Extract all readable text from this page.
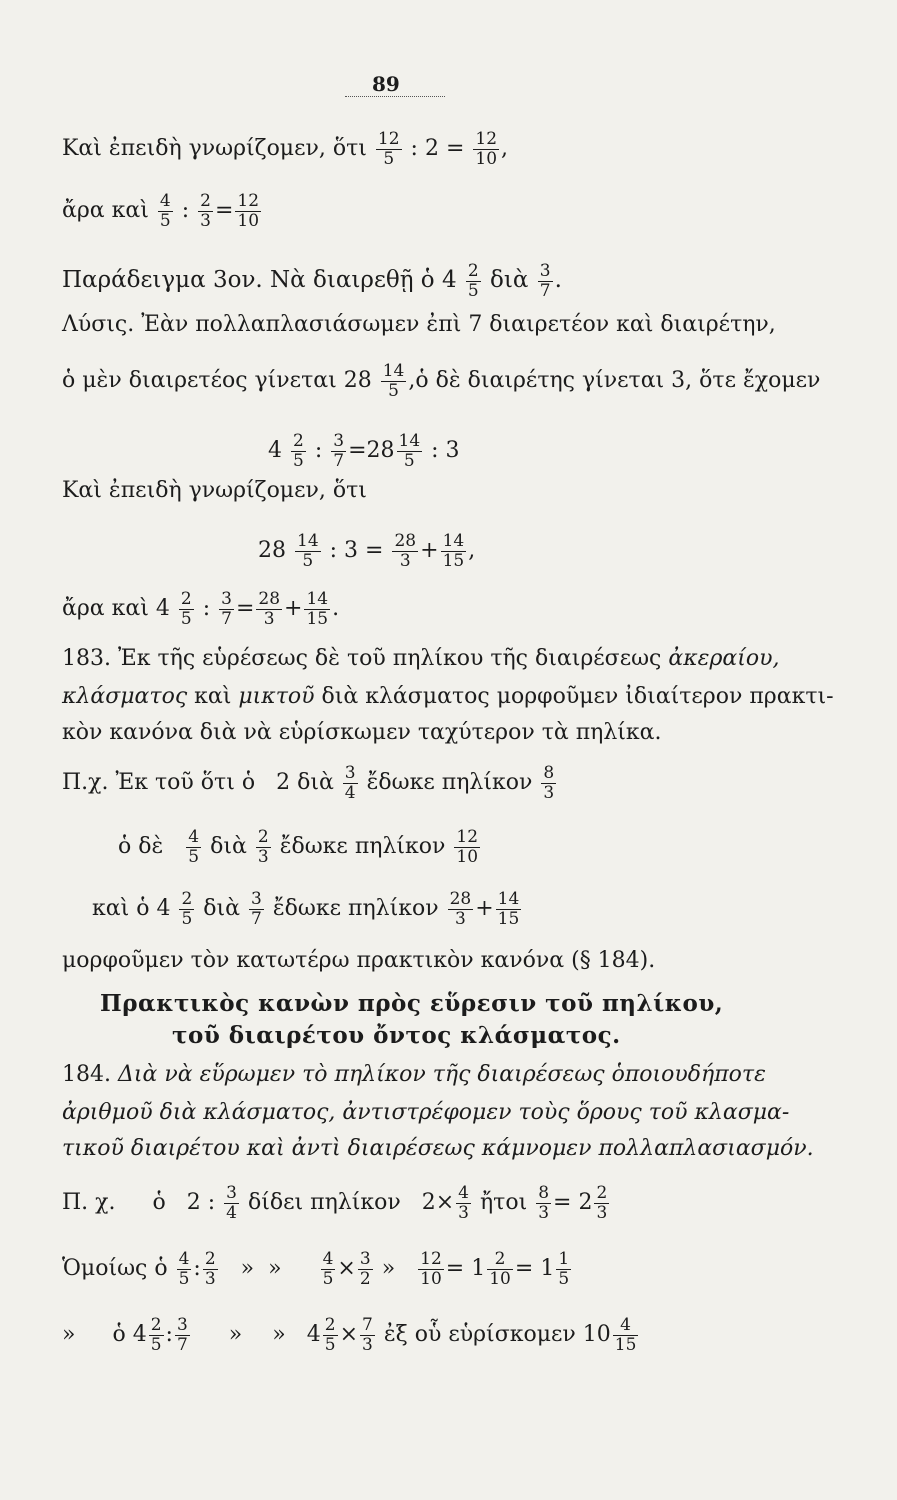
89
Καὶ ἐπειδὴ γνωρίζομεν, ὅτι $\frac{12}{5}$ : $2 = \frac{12}{10}$ ,
ἄρα καὶ $\frac{4}{5}$ : $\frac{2}{3} = \frac{12}{10}$
Παράδειγμα 3ον. Νὰ διαιρεθῇ ὁ $4 \frac{2}{5}$ διὰ $\frac{3}{7}$ .
Λύσις. Ἐὰν πολλαπλασιάσωμεν ἐπὶ 7 διαιρετέον καὶ διαιρέτην,
ὁ μὲν διαιρετέος γίνεται $28 \frac{14}{5}$ ,ὁ δὲ διαιρέτης γίνεται 3, ὅτε ἔχομεν
$4 \frac{2}{5}$ : $\frac{3}{7} =28 \frac{14}{5}$ : 3
Καὶ ἐπειδὴ γνωρίζομεν, ὅτι
$28 \frac{14}{5}$ : $3 = \frac{28}{3} + \frac{14}{15}$ ,
ἄρα καὶ $4 \frac{2}{5}$ : $\frac{3}{7} = \frac{28}{3} + \frac{14}{15}$ .
183. Ἐκ τῆς εὑρέσεως δὲ τοῦ πηλίκου τῆς διαιρέσεως ἀκεραίου,
κλάσματος καὶ μικτοῦ διὰ κλάσματος μορφοῦμεν ἰδιαίτερον πρακτι-
κὸν κανόνα διὰ νὰ εὑρίσκωμεν ταχύτερον τὰ πηλίκα.
Π.χ. Ἐκ τοῦ ὅτι ὁ 2 διὰ $\frac{3}{4}$ ἔδωκε πηλίκον $\frac{8}{3}$
ὁ δὲ $\frac{4}{5}$ διὰ $\frac{2}{3}$ ἔδωκε πηλίκον $\frac{12}{10}$
καὶ ὁ $4 \frac{2}{5}$ διὰ $\frac{3}{7}$ ἔδωκε πηλίκον $\frac{28}{3} + \frac{14}{15}$
μορφοῦμεν τὸν κατωτέρω πρακτικὸν κανόνα (§ 184).
Πρακτικὸς κανὼν πρὸς εὕρεσιν τοῦ πηλίκου,
τοῦ διαιρέτου ὄντος κλάσματος.
184. Διὰ νὰ εὕρωμεν τὸ πηλίκον τῆς διαιρέσεως ὁποιουδήποτε
ἀριθμοῦ διὰ κλάσματος, ἀντιστρέφομεν τοὺς ὅρους τοῦ κλασμα-
τικοῦ διαιρέτου καὶ ἀντὶ διαιρέσεως κάμνομεν πολλαπλασιασμόν.
Π. χ. ὁ 2 : $\frac{3}{4}$ δίδει πηλίκον $2\times \frac{4}{3}$ ἤτοι $\frac{8}{3} = 2 \frac{2}{3}$
Ὁμοίως ὁ $\frac{4}{5}$ : $\frac{2}{3}$ » » $\frac{4}{5} \times \frac{3}{2}$ » $\frac{12}{10} = 1 \frac{2}{10} = 1 \frac{1}{5}$
» ὁ $4 \frac{2}{5}$ : $\frac{3}{7}$ » » $4 \frac{2}{5} \times \frac{7}{3}$ ἐξ οὗ εὑρίσκομεν $10 \frac{4}{15}$
